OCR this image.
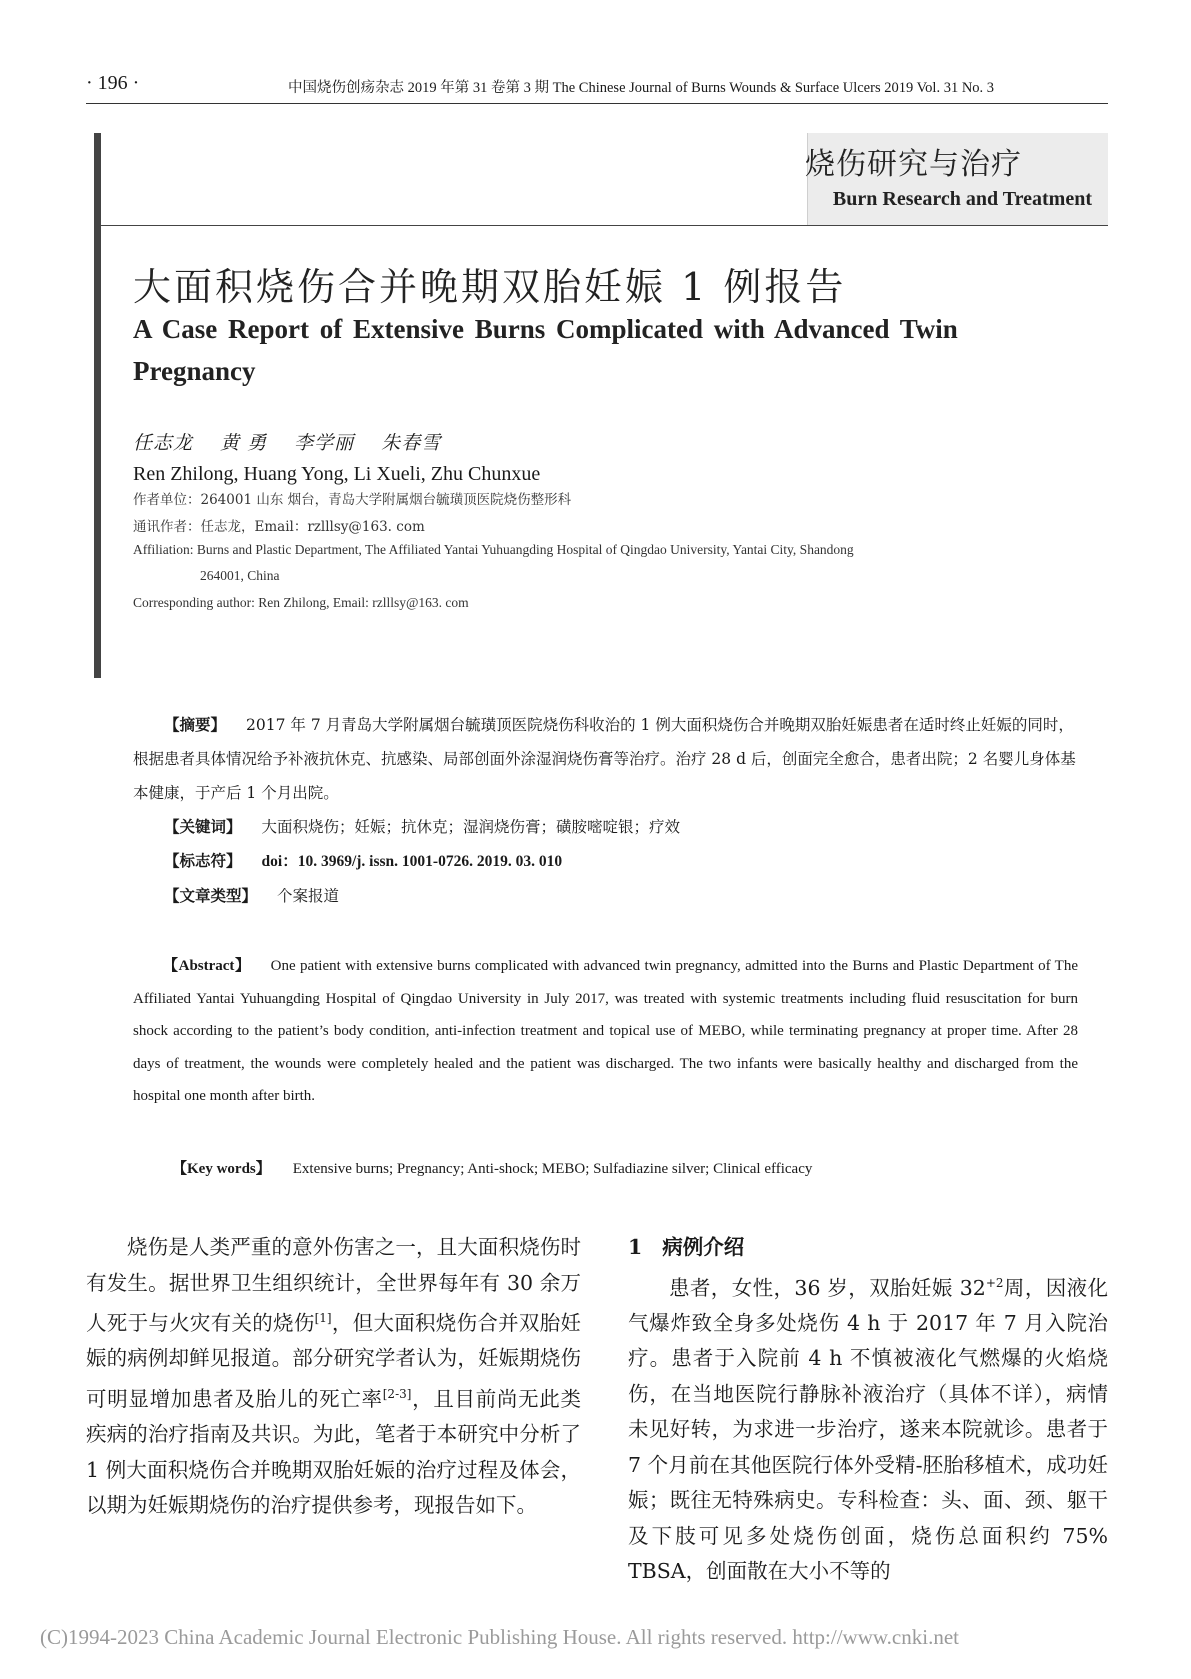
· 196 ·	中国烧伤创疡杂志 2019 年第 31 卷第 3 期 The Chinese Journal of Burns Wounds & Surface Ulcers 2019 Vol. 31 No. 3
烧伤研究与治疗
Burn Research and Treatment
大面积烧伤合并晚期双胎妊娠 1 例报告
A Case Report of Extensive Burns Complicated with Advanced Twin Pregnancy
任志龙 黄 勇 李学丽 朱春雪
Ren Zhilong, Huang Yong, Li Xueli, Zhu Chunxue
作者单位：264001 山东 烟台，青岛大学附属烟台毓璜顶医院烧伤整形科
通讯作者：任志龙，Email：rzlllsy@163. com
Affiliation: Burns and Plastic Department, The Affiliated Yantai Yuhuangding Hospital of Qingdao University, Yantai City, Shandong
264001, China
Corresponding author: Ren Zhilong, Email: rzlllsy@163. com

【摘要】 2017 年 7 月青岛大学附属烟台毓璜顶医院烧伤科收治的 1 例大面积烧伤合并晚期双胎妊娠患者在适时终止妊娠的同时，根据患者具体情况给予补液抗休克、抗感染、局部创面外涂湿润烧伤膏等治疗。治疗 28 d 后，创面完全愈合，患者出院；2 名婴儿身体基本健康，于产后 1 个月出院。

【关键词】 大面积烧伤；妊娠；抗休克；湿润烧伤膏；磺胺嘧啶银；疗效

【标志符】 doi：10. 3969/j. issn. 1001-0726. 2019. 03. 010

【文章类型】 个案报道

【Abstract】 One patient with extensive burns complicated with advanced twin pregnancy, admitted into the Burns and Plastic Department of The Affiliated Yantai Yuhuangding Hospital of Qingdao University in July 2017, was treated with systemic treatments including fluid resuscitation for burn shock according to the patient’s body condition, anti-infection treatment and topical use of MEBO, while terminating pregnancy at proper time. After 28 days of treatment, the wounds were completely healed and the patient was discharged. The two infants were basically healthy and discharged from the hospital one month after birth.
【Key words】 Extensive burns; Pregnancy; Anti-shock; MEBO; Sulfadiazine silver; Clinical efficacy
烧伤是人类严重的意外伤害之一，且大面积烧伤时有发生。据世界卫生组织统计，全世界每年有 30 余万人死于与火灾有关的烧伤[1]，但大面积烧伤合并双胎妊娠的病例却鲜见报道。部分研究学者认为，妊娠期烧伤可明显增加患者及胎儿的死亡率[2-3]，且目前尚无此类疾病的治疗指南及共识。为此，笔者于本研究中分析了 1 例大面积烧伤合并晚期双胎妊娠的治疗过程及体会，以期为妊娠期烧伤的治疗提供参考，现报告如下。
1 病例介绍
患者，女性，36 岁，双胎妊娠 $32^{+2}$周，因液化气爆炸致全身多处烧伤 4 h 于 2017 年 7 月入院治疗。患者于入院前 4 h 不慎被液化气燃爆的火焰烧伤，在当地医院行静脉补液治疗（具体不详），病情未见好转，为求进一步治疗，遂来本院就诊。患者于 7 个月前在其他医院行体外受精-胚胎移植术，成功妊娠；既往无特殊病史。专科检查：头、面、颈、躯干及下肢可见多处烧伤创面，烧伤总面积约 75% TBSA，创面散在大小不等的
(C)1994-2023 China Academic Journal Electronic Publishing House. All rights reserved. http://www.cnki.net
